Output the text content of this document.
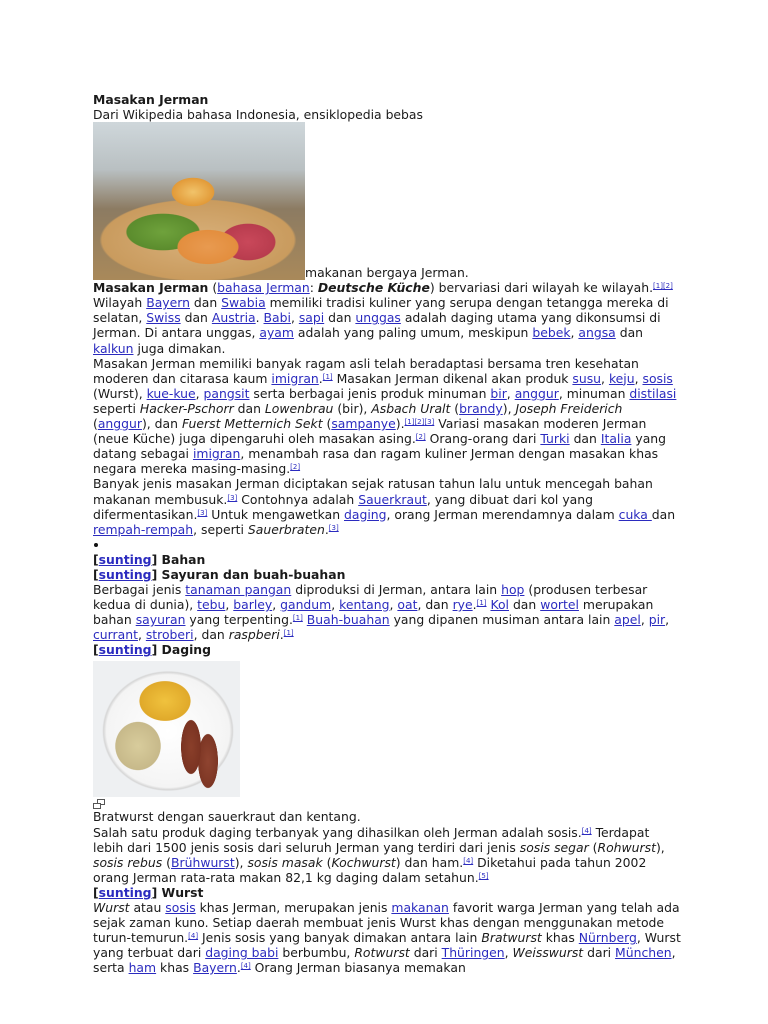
Masakan Jerman
Dari Wikipedia bahasa Indonesia, ensiklopedia bebas
makanan bergaya Jerman.
Masakan Jerman (bahasa Jerman: Deutsche Küche) bervariasi dari wilayah ke wilayah.[1][2] Wilayah Bayern dan Swabia memiliki tradisi kuliner yang serupa dengan tetangga mereka di selatan, Swiss dan Austria. Babi, sapi dan unggas adalah daging utama yang dikonsumsi di Jerman. Di antara unggas, ayam adalah yang paling umum, meskipun bebek, angsa dan kalkun juga dimakan.
Masakan Jerman memiliki banyak ragam asli telah beradaptasi bersama tren kesehatan moderen dan citarasa kaum imigran.[1] Masakan Jerman dikenal akan produk susu, keju, sosis (Wurst), kue-kue, pangsit serta berbagai jenis produk minuman bir, anggur, minuman distilasi seperti Hacker-Pschorr dan Lowenbrau (bir), Asbach Uralt (brandy), Joseph Freiderich (anggur), dan Fuerst Metternich Sekt (sampanye).[1][2][3] Variasi masakan moderen Jerman (neue Küche) juga dipengaruhi oleh masakan asing.[2] Orang-orang dari Turki dan Italia yang datang sebagai imigran, menambah rasa dan ragam kuliner Jerman dengan masakan khas negara mereka masing-masing.[2]
Banyak jenis masakan Jerman diciptakan sejak ratusan tahun lalu untuk mencegah bahan makanan membusuk.[3] Contohnya adalah Sauerkraut, yang dibuat dari kol yang difermentasikan.[3] Untuk mengawetkan daging, orang Jerman merendamnya dalam cuka dan rempah-rempah, seperti Sauerbraten.[3]
[sunting] Bahan
[sunting] Sayuran dan buah-buahan
Berbagai jenis tanaman pangan diproduksi di Jerman, antara lain hop (produsen terbesar kedua di dunia), tebu, barley, gandum, kentang, oat, dan rye.[1] Kol dan wortel merupakan bahan sayuran yang terpenting.[1] Buah-buahan yang dipanen musiman antara lain apel, pir, currant, stroberi, dan raspberi.[1]
[sunting] Daging
Bratwurst dengan sauerkraut dan kentang.
Salah satu produk daging terbanyak yang dihasilkan oleh Jerman adalah sosis.[4] Terdapat lebih dari 1500 jenis sosis dari seluruh Jerman yang terdiri dari jenis sosis segar (Rohwurst), sosis rebus (Brühwurst), sosis masak (Kochwurst) dan ham.[4] Diketahui pada tahun 2002 orang Jerman rata-rata makan 82,1 kg daging dalam setahun.[5]
[sunting] Wurst
Wurst atau sosis khas Jerman, merupakan jenis makanan favorit warga Jerman yang telah ada sejak zaman kuno. Setiap daerah membuat jenis Wurst khas dengan menggunakan metode turun-temurun.[4] Jenis sosis yang banyak dimakan antara lain Bratwurst khas Nürnberg, Wurst yang terbuat dari daging babi berbumbu, Rotwurst dari Thüringen, Weisswurst dari München, serta ham khas Bayern.[4] Orang Jerman biasanya memakan
